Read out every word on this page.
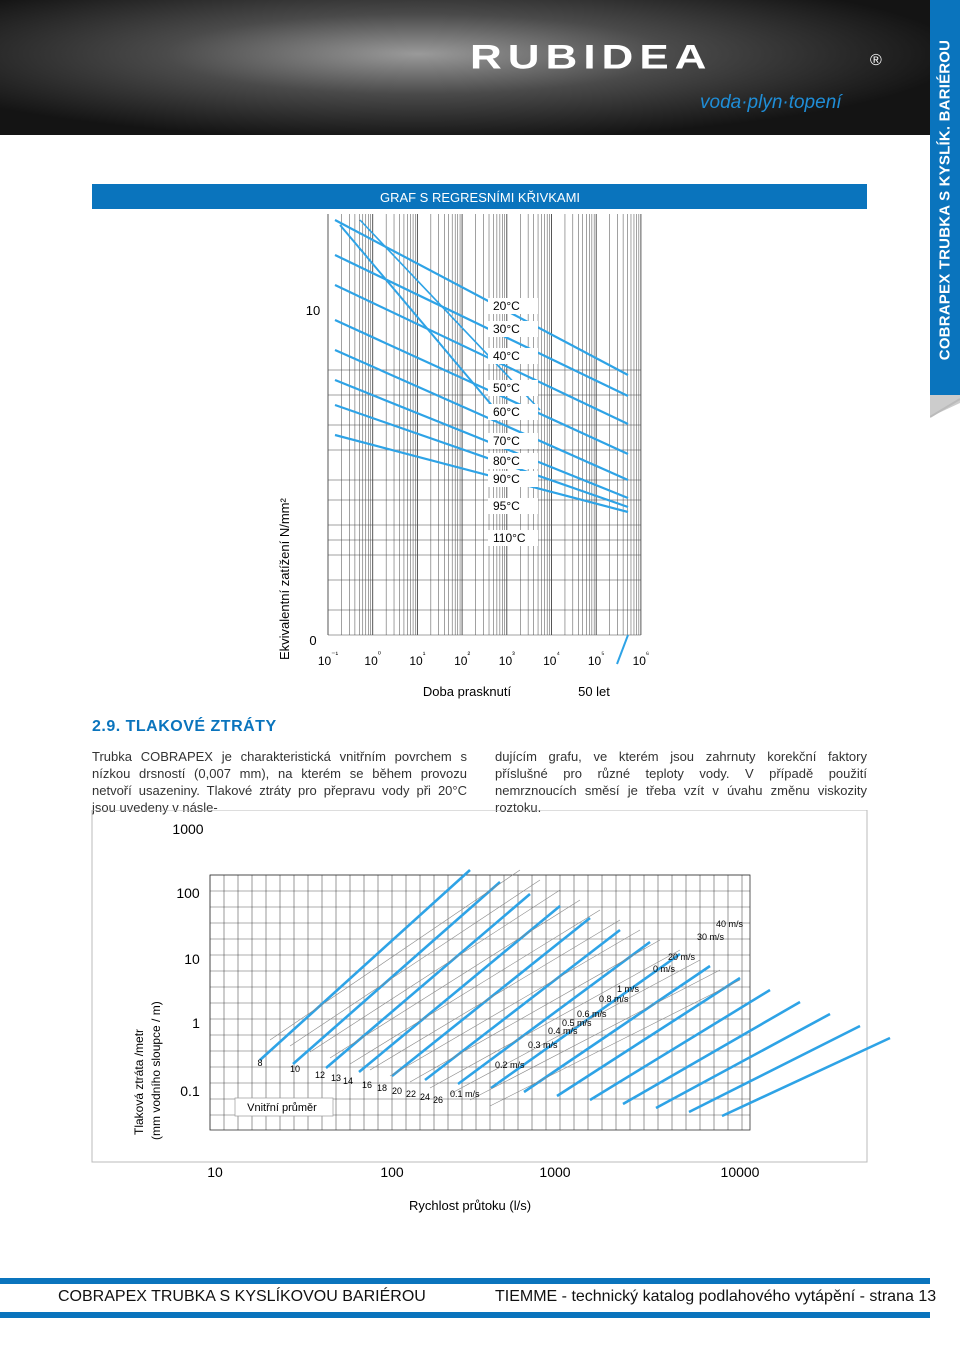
RUBIDEA	®
voda·plyn·topení	COBRAPEX TRUBKA S KYSLÍK. BARIÉROU
GRAF S REGRESNÍMI KŘIVKAMI
10
0
Ekvivalentní zatížení N/mm²
20°C
30°C
40°C
50°C
60°C
70°C
80°C
90°C
95°C
110°C
$10^{^{-1}}$ $10^{^0}$ $10^{^1}$ $10^{^2}$ $10^{^3}$ $10^{^4}$ $10^{^5}$ $10^{^6}$
Doba prasknutí	50 let
2.9. TLAKOVÉ ZTRÁTY
Trubka COBRAPEX je charakteristická vnitřním povrchem s nízkou drsností (0,007 mm), na kterém se během provozu netvoří usazeniny. Tlakové ztráty pro přepravu vody při 20°C jsou uvedeny v násle-
dujícím grafu, ve kterém jsou zahrnuty korekční faktory příslušné pro různé teploty vody. V případě použití nemrznoucích směsí je třeba vzít v úvahu změnu viskozity roztoku.
1000
100
10
1
0.1
10	100	1000	10000
8
10
12 13 14 16 18 20 22 24 26
0.1 m/s
0.2 m/s
0.3 m/s
0.4 m/s
0.5 m/s
0.6 m/s
0.8 m/s
1 m/s
0 m/s
20 m/s
30 m/s
40 m/s
Vnitřní průměr
Tlaková ztráta /metr (mm vodního sloupce / m)
Rychlost průtoku (l/s)
COBRAPEX TRUBKA S KYSLÍKOVOU BARIÉROU	TIEMME - technický katalog podlahového vytápění - strana 13
